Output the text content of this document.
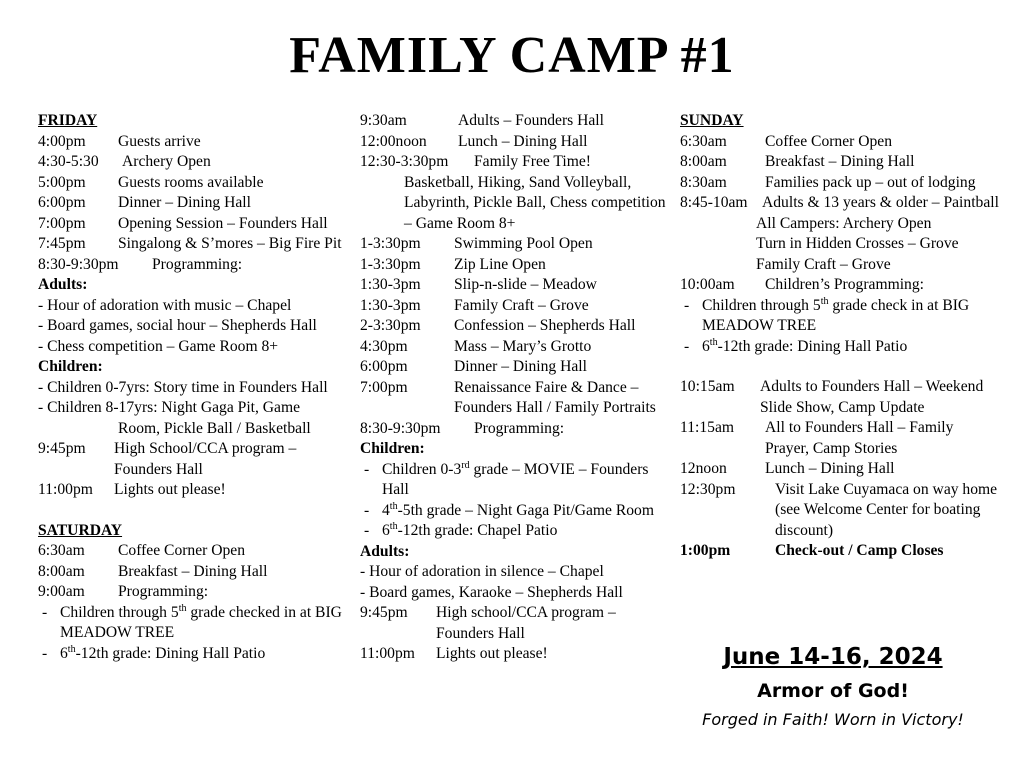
FAMILY CAMP #1
FRIDAY
4:00pm	Guests arrive
4:30-5:30	Archery Open
5:00pm	Guests rooms available
6:00pm	Dinner – Dining Hall
7:00pm	Opening Session – Founders Hall
7:45pm	Singalong & S’mores – Big Fire Pit
8:30-9:30pm	Programming:
Adults:
- Hour of adoration with music – Chapel
- Board games, social hour – Shepherds Hall
- Chess competition – Game Room 8+
Children:
- Children 0-7yrs: Story time in Founders Hall
- Children 8-17yrs: Night Gaga Pit, Game Room, Pickle Ball / Basketball
9:45pm	High School/CCA program – Founders Hall
11:00pm	Lights out please!
SATURDAY
6:30am	Coffee Corner Open
8:00am	Breakfast – Dining Hall
9:00am	Programming:
- Children through 5th grade checked in at BIG MEADOW TREE
- 6th-12th grade: Dining Hall Patio
9:30am	Adults – Founders Hall
12:00noon	Lunch – Dining Hall
12:30-3:30pm	Family Free Time!
Basketball, Hiking, Sand Volleyball, Labyrinth, Pickle Ball, Chess competition – Game Room 8+
1-3:30pm	Swimming Pool Open
1-3:30pm	Zip Line Open
1:30-3pm	Slip-n-slide – Meadow
1:30-3pm	Family Craft – Grove
2-3:30pm	Confession – Shepherds Hall
4:30pm	Mass – Mary’s Grotto
6:00pm	Dinner – Dining Hall
7:00pm	Renaissance Faire & Dance – Founders Hall / Family Portraits
8:30-9:30pm	Programming:
Children:
- Children 0-3rd grade – MOVIE – Founders Hall
- 4th-5th grade – Night Gaga Pit/Game Room
- 6th-12th grade: Chapel Patio
Adults:
- Hour of adoration in silence – Chapel
- Board games, Karaoke – Shepherds Hall
9:45pm	High school/CCA program – Founders Hall
11:00pm	Lights out please!
SUNDAY
6:30am	Coffee Corner Open
8:00am	Breakfast – Dining Hall
8:30am	Families pack up – out of lodging
8:45-10am Adults & 13 years & older – Paintball
All Campers: Archery Open
Turn in Hidden Crosses – Grove
Family Craft – Grove
10:00am	Children’s Programming:
- Children through 5th grade check in at BIG MEADOW TREE
- 6th-12th grade: Dining Hall Patio
10:15am	Adults to Founders Hall – Weekend Slide Show, Camp Update
11:15am	All to Founders Hall – Family Prayer, Camp Stories
12noon	Lunch – Dining Hall
12:30pm	Visit Lake Cuyamaca on way home (see Welcome Center for boating discount)
1:00pm	Check-out / Camp Closes
June 14-16, 2024
Armor of God!
Forged in Faith! Worn in Victory!
